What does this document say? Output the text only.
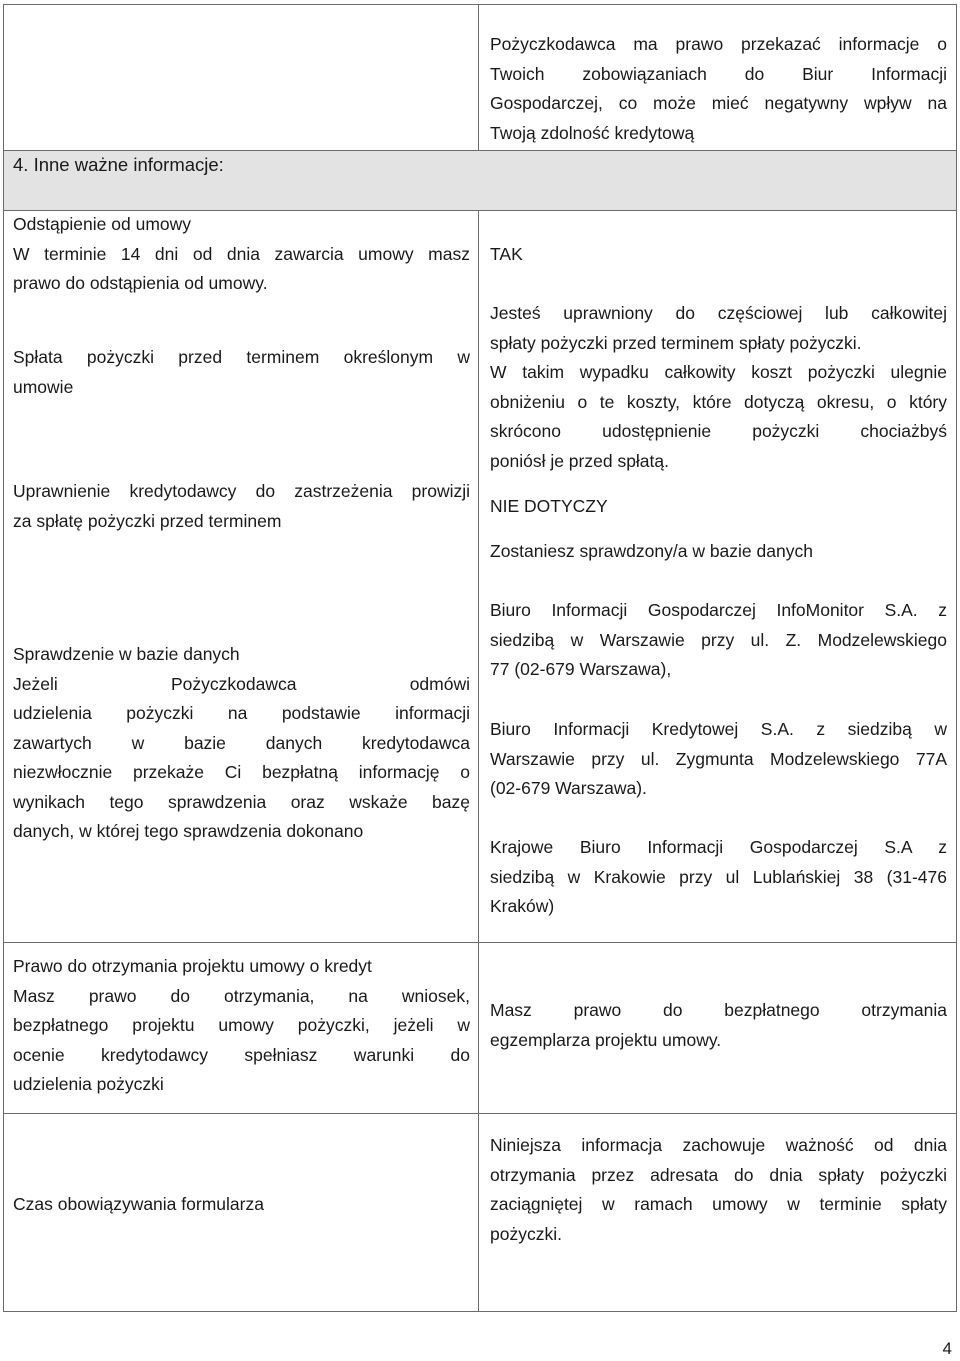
Pożyczkodawca ma prawo przekazać informacje o
Twoich zobowiązaniach do Biur Informacji
Gospodarczej, co może mieć negatywny wpływ na
Twoją zdolność kredytową
4. Inne ważne informacje:
Odstąpienie od umowy
W terminie 14 dni od dnia zawarcia umowy masz
prawo do odstąpienia od umowy.
TAK
Spłata pożyczki przed terminem określonym w
umowie
Jesteś uprawniony do częściowej lub całkowitej
spłaty pożyczki przed terminem spłaty pożyczki.
W takim wypadku całkowity koszt pożyczki ulegnie
obniżeniu o te koszty, które dotyczą okresu, o który
skrócono udostępnienie pożyczki chociażbyś
poniósł je przed spłatą.
Uprawnienie kredytodawcy do zastrzeżenia prowizji
za spłatę pożyczki przed terminem
NIE DOTYCZY
Zostaniesz sprawdzony/a w bazie danych
Sprawdzenie w bazie danych
Jeżeli Pożyczkodawca odmówi
udzielenia pożyczki na podstawie informacji
zawartych w bazie danych kredytodawca
niezwłocznie przekaże Ci bezpłatną informację o
wynikach tego sprawdzenia oraz wskaże bazę
danych, w której tego sprawdzenia dokonano
Biuro Informacji Gospodarczej InfoMonitor S.A. z
siedzibą w Warszawie przy ul. Z. Modzelewskiego
77 (02-679 Warszawa),
Biuro Informacji Kredytowej S.A. z siedzibą w
Warszawie przy ul. Zygmunta Modzelewskiego 77A
(02-679 Warszawa).
Krajowe Biuro Informacji Gospodarczej S.A z
siedzibą w Krakowie przy ul Lublańskiej 38 (31-476
Kraków)
Prawo do otrzymania projektu umowy o kredyt
Masz prawo do otrzymania, na wniosek,
bezpłatnego projektu umowy pożyczki, jeżeli w
ocenie kredytodawcy spełniasz warunki do
udzielenia pożyczki
Masz prawo do bezpłatnego otrzymania
egzemplarza projektu umowy.
Czas obowiązywania formularza
Niniejsza informacja zachowuje ważność od dnia
otrzymania przez adresata do dnia spłaty pożyczki
zaciągniętej w ramach umowy w terminie spłaty
pożyczki.
4
